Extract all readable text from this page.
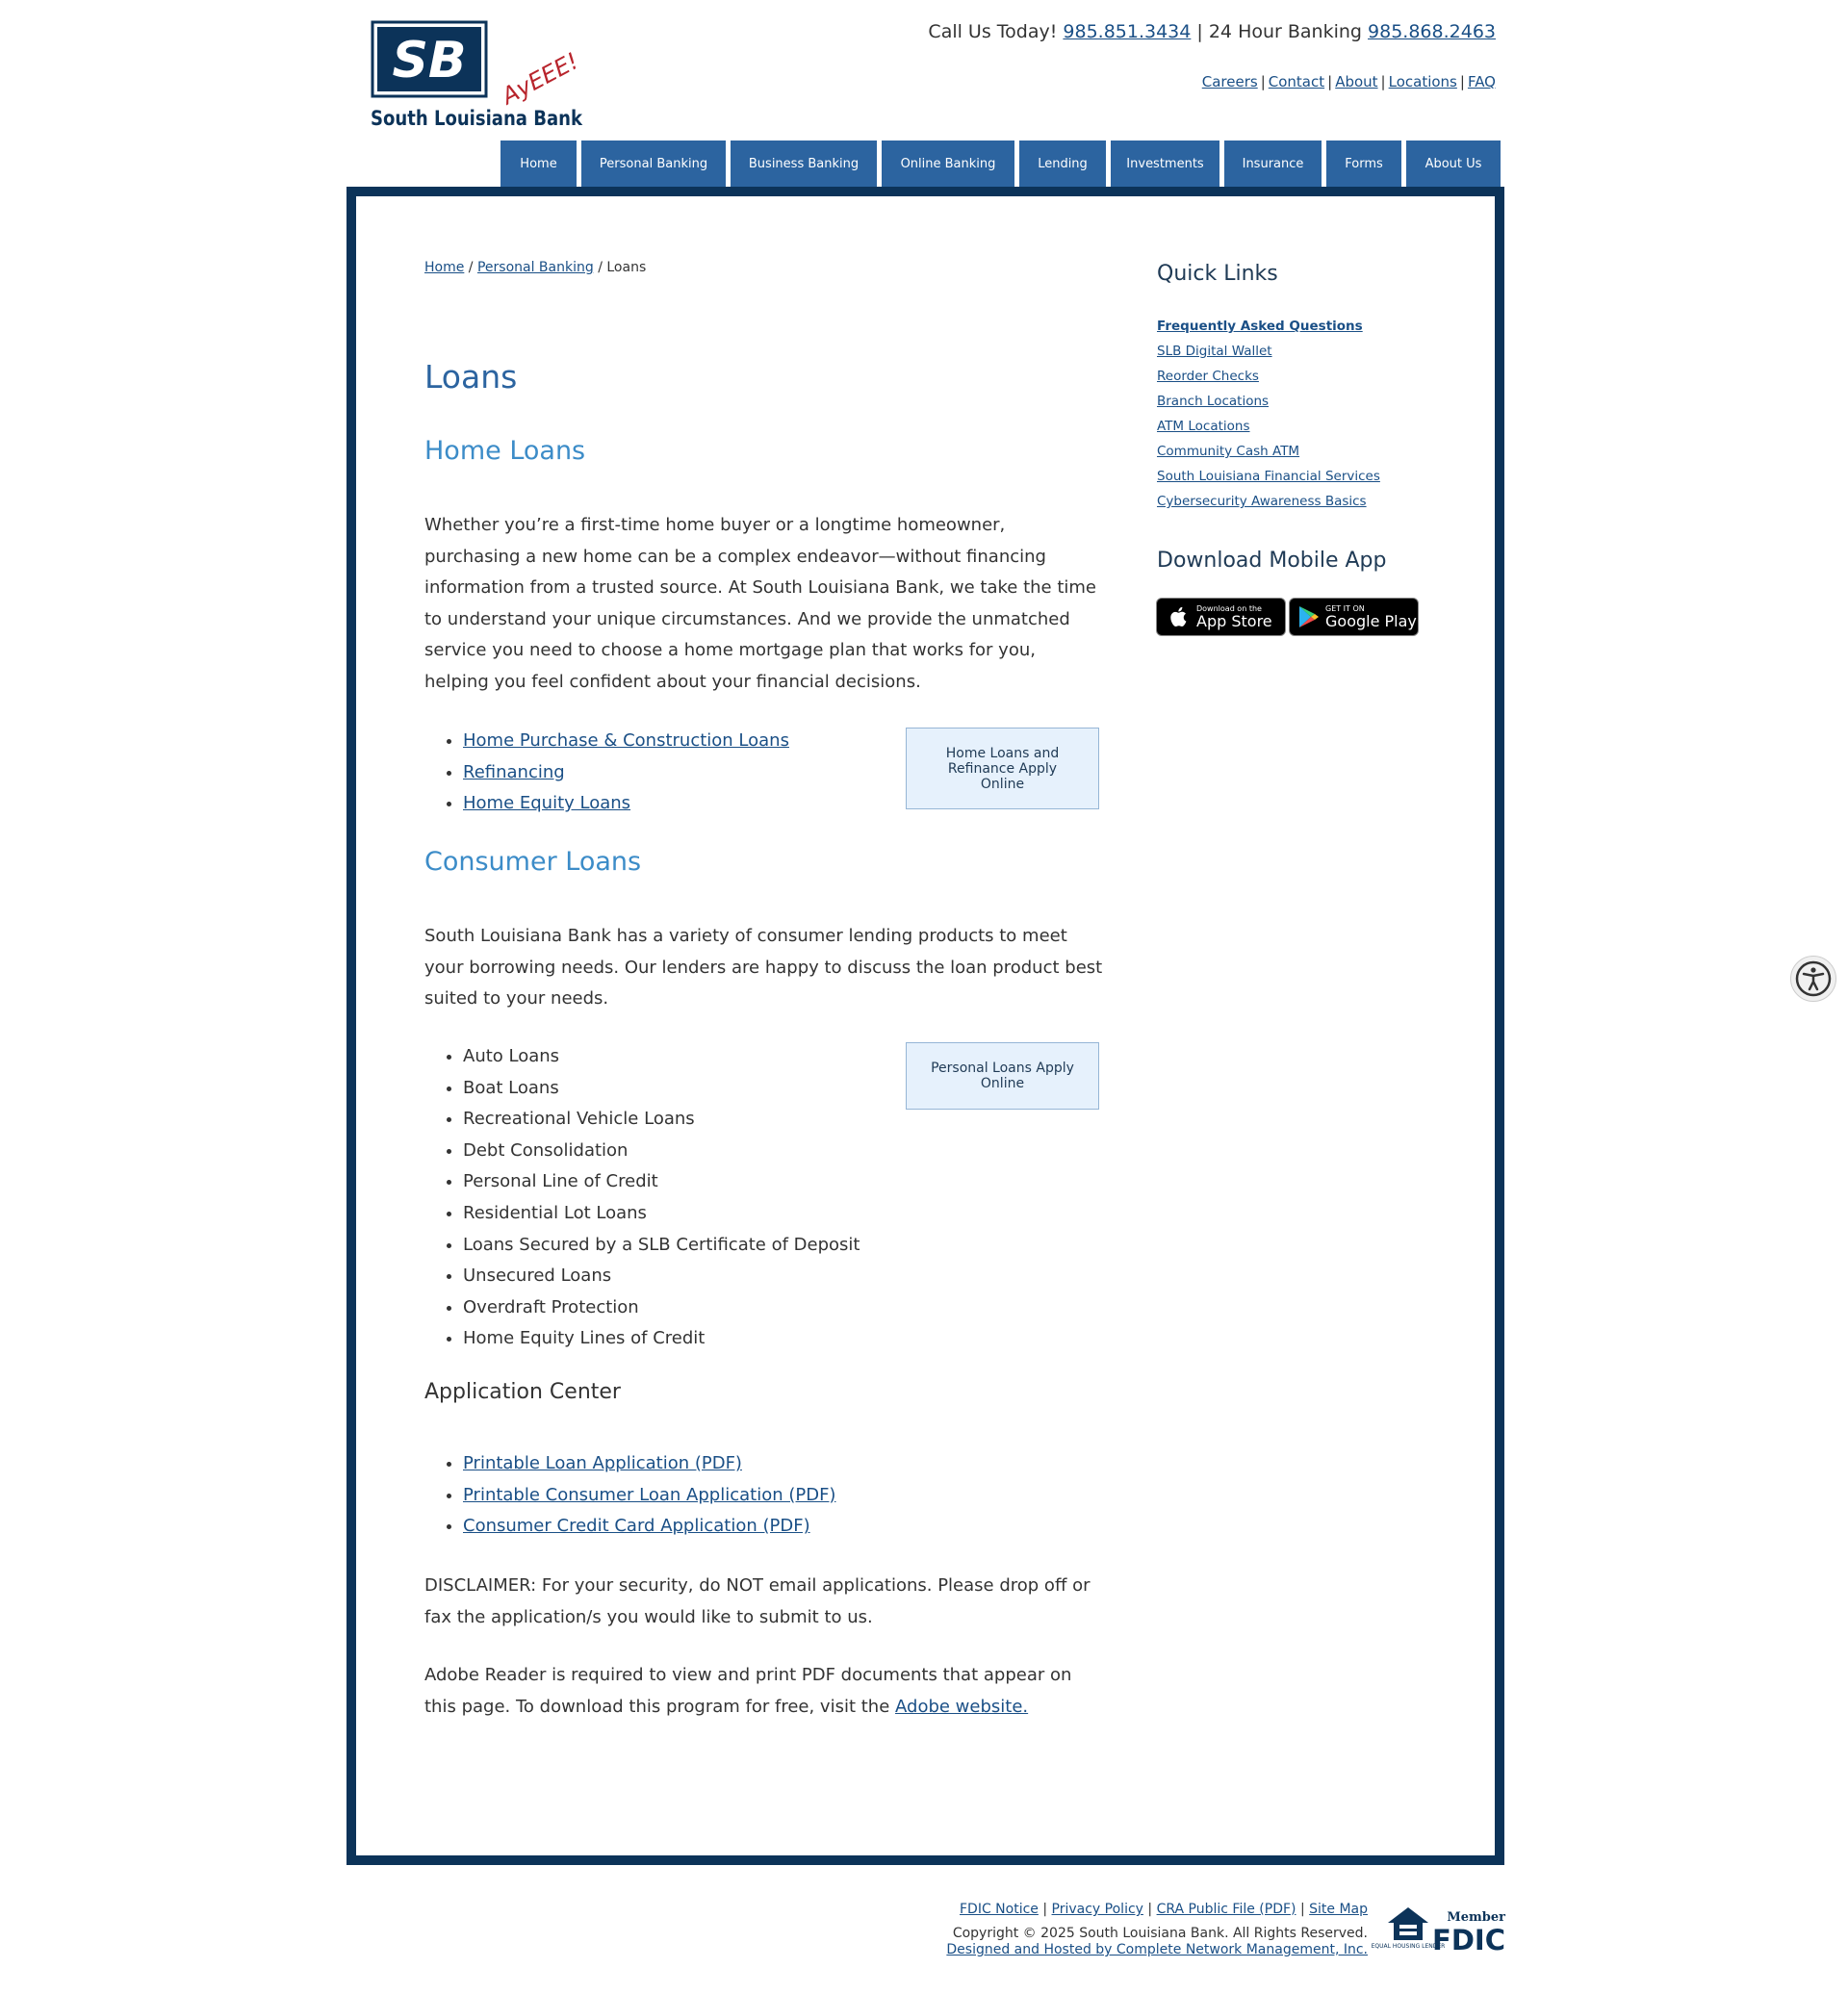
SB
South Louisiana Bank
AyEEE!
Call Us Today! 985.851.3434 | 24 Hour Banking 985.868.2463
Careers | Contact | About | Locations | FAQ
Home	Personal Banking	Business Banking	Online Banking	Lending	Investments	Insurance	Forms	About Us
Home / Personal Banking / Loans
Loans
Home Loans

Whether you’re a first-time home buyer or a longtime homeowner, purchasing a new home can be a complex endeavor—without financing information from a trusted source. At South Louisiana Bank, we take the time to understand your unique circumstances. And we provide the unmatched service you need to choose a home mortgage plan that works for you, helping you feel confident about your financial decisions.

• Home Purchase & Construction Loans
• Refinancing
• Home Equity Loans
Home Loans and Refinance Apply Online
Consumer Loans

South Louisiana Bank has a variety of consumer lending products to meet your borrowing needs. Our lenders are happy to discuss the loan product best suited to your needs.

• Auto Loans
• Boat Loans
• Recreational Vehicle Loans
• Debt Consolidation
• Personal Line of Credit
• Residential Lot Loans
• Loans Secured by a SLB Certificate of Deposit
• Unsecured Loans
• Overdraft Protection
• Home Equity Lines of Credit
Personal Loans Apply Online
Application Center
• Printable Loan Application (PDF)
• Printable Consumer Loan Application (PDF)
• Consumer Credit Card Application (PDF)

DISCLAIMER: For your security, do NOT email applications. Please drop off or fax the application/s you would like to submit to us.

Adobe Reader is required to view and print PDF documents that appear on this page. To download this program for free, visit the Adobe website.

Quick Links
Frequently Asked Questions
SLB Digital Wallet
Reorder Checks
Branch Locations
ATM Locations
Community Cash ATM
South Louisiana Financial Services
Cybersecurity Awareness Basics
Download Mobile App
Download on the
App Store
GET IT ON
Google Play
FDIC Notice | Privacy Policy | CRA Public File (PDF) | Site Map
Copyright © 2025 South Louisiana Bank. All Rights Reserved.
Designed and Hosted by Complete Network Management, Inc. EQUAL HOUSING LENDER
Member
FDIC
